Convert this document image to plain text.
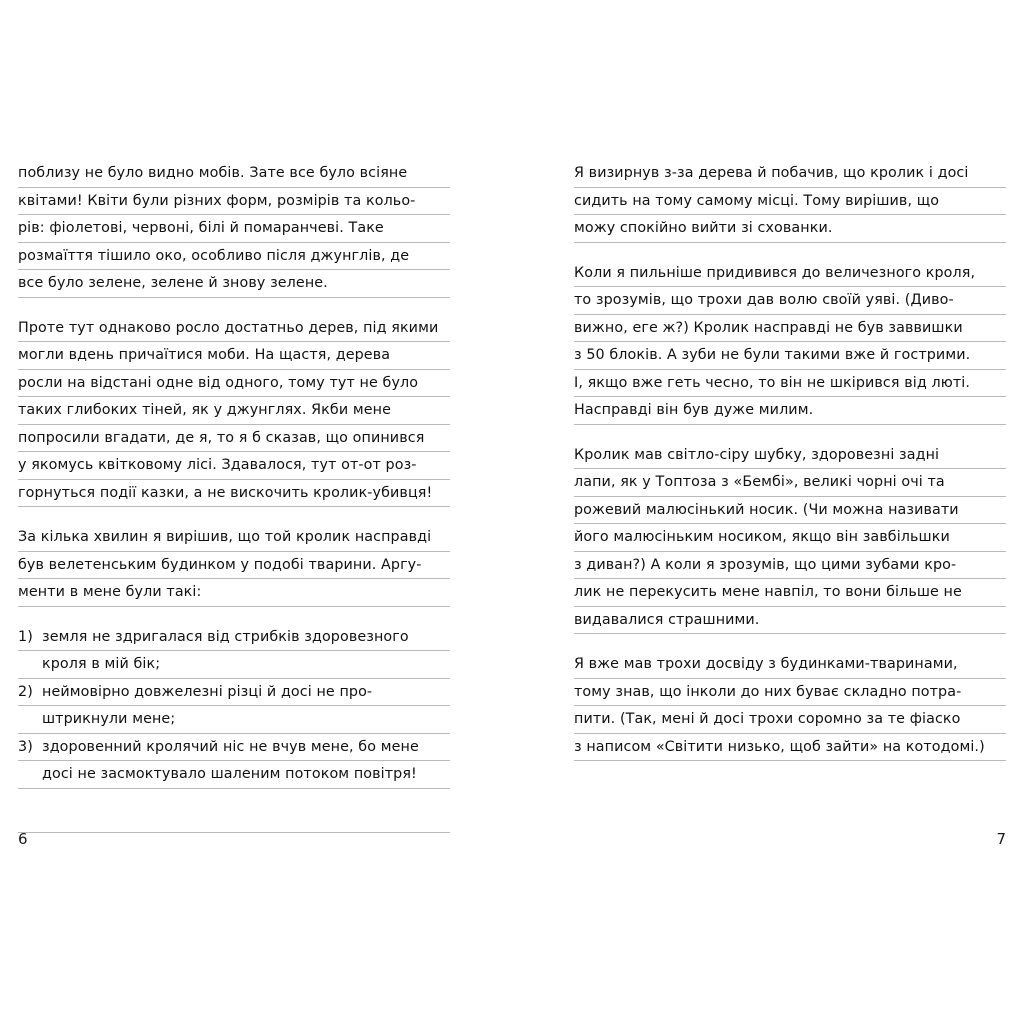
поблизу не було видно мобів. Зате все було всіяне
квітами! Квіти були різних форм, розмірів та кольо-
рів: фіолетові, червоні, білі й помаранчеві. Таке
розмаїття тішило око, особливо після джунглів, де
все було зелене, зелене й знову зелене.
Проте тут однаково росло достатньо дерев, під якими
могли вдень причаїтися моби. На щастя, дерева
росли на відстані одне від одного, тому тут не було
таких глибоких тіней, як у джунглях. Якби мене
попросили вгадати, де я, то я б сказав, що опинився
у якомусь квітковому лісі. Здавалося, тут от-от роз-
горнуться події казки, а не вискочить кролик-убивця!
За кілька хвилин я вирішив, що той кролик насправді
був велетенським будинком у подобі тварини. Аргу-
менти в мене були такі:
1) земля не здригалася від стрибків здоровезного
кроля в мій бік;
2) неймовірно довжелезні різці й досі не про-
штрикнули мене;
3) здоровенний кролячий ніс не вчув мене, бо мене
досі не засмоктувало шаленим потоком повітря!

6
Я визирнув з-за дерева й побачив, що кролик і досі
сидить на тому самому місці. Тому вирішив, що
можу спокійно вийти зі схованки.
Коли я пильніше придивився до величезного кроля,
то зрозумів, що трохи дав волю своїй уяві. (Диво-
вижно, еге ж?) Кролик насправді не був заввишки
з 50 блоків. А зуби не були такими вже й гострими.
І, якщо вже геть чесно, то він не шкірився від люті.
Насправді він був дуже милим.
Кролик мав світло-сіру шубку, здоровезні задні
лапи, як у Топтоза з «Бембі», великі чорні очі та
рожевий малюсінький носик. (Чи можна називати
його малюсіньким носиком, якщо він завбільшки
з диван?) А коли я зрозумів, що цими зубами кро-
лик не перекусить мене навпіл, то вони більше не
видавалися страшними.
Я вже мав трохи досвіду з будинками-тваринами,
тому знав, що інколи до них буває складно потра-
пити. (Так, мені й досі трохи соромно за те фіаско
з написом «Світити низько, щоб зайти» на котодомі.)
7
